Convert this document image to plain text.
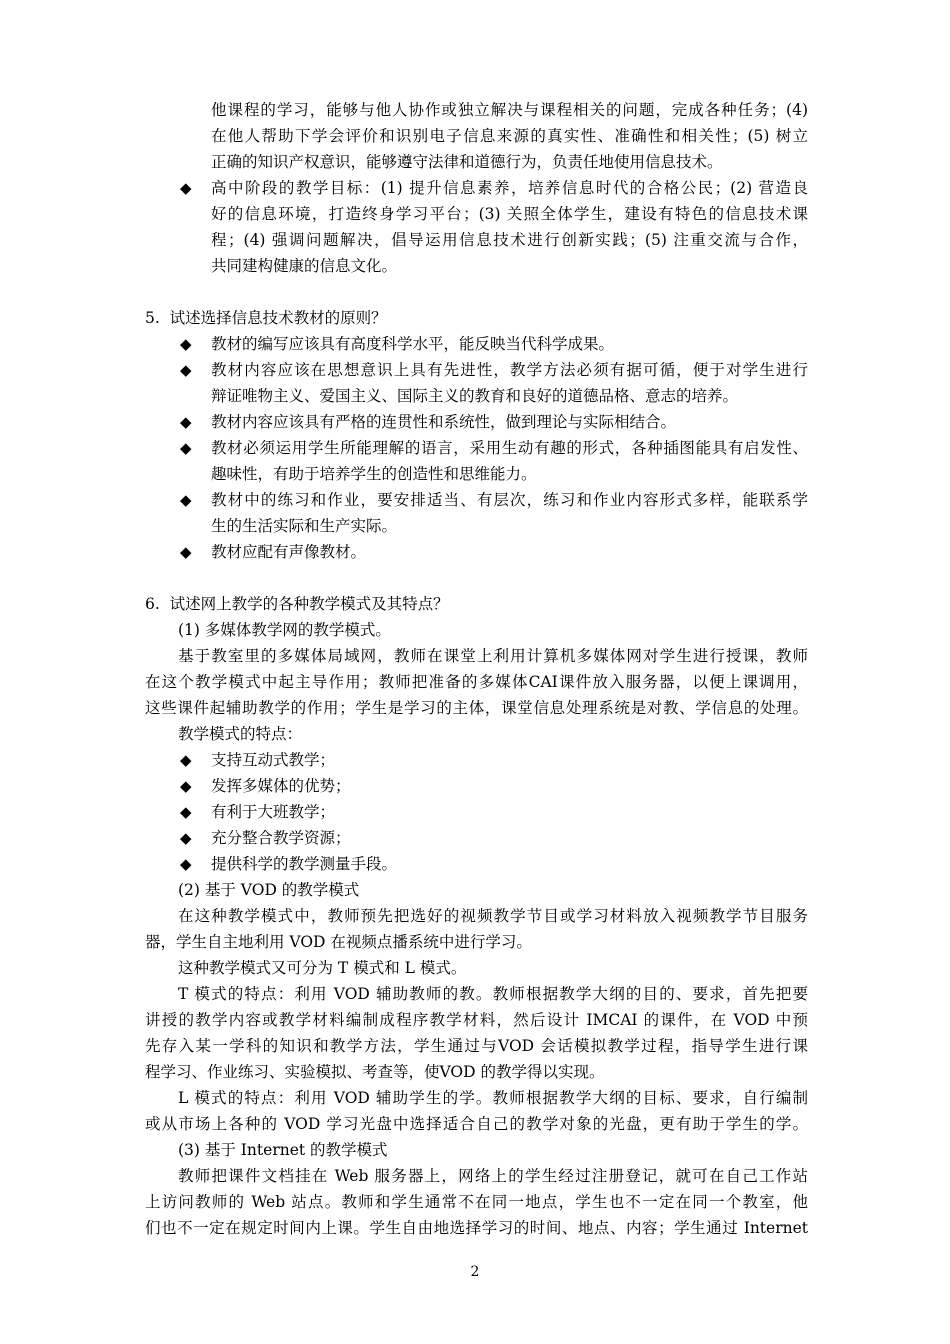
他课程的学习，能够与他人协作或独立解决与课程相关的问题，完成各种任务；(4)
在他人帮助下学会评价和识别电子信息来源的真实性、准确性和相关性；(5) 树立
正确的知识产权意识，能够遵守法律和道德行为，负责任地使用信息技术。
◆ 高中阶段的教学目标：(1) 提升信息素养，培养信息时代的合格公民；(2) 营造良
好的信息环境，打造终身学习平台；(3) 关照全体学生，建设有特色的信息技术课
程；(4) 强调问题解决，倡导运用信息技术进行创新实践；(5) 注重交流与合作，
共同建构健康的信息文化。
5.  试述选择信息技术教材的原则？
◆ 教材的编写应该具有高度科学水平，能反映当代科学成果。
◆ 教材内容应该在思想意识上具有先进性，教学方法必须有据可循，便于对学生进行
辩证唯物主义、爱国主义、国际主义的教育和良好的道德品格、意志的培养。
◆ 教材内容应该具有严格的连贯性和系统性，做到理论与实际相结合。
◆ 教材必须运用学生所能理解的语言，采用生动有趣的形式，各种插图能具有启发性、
趣味性，有助于培养学生的创造性和思维能力。
◆ 教材中的练习和作业，要安排适当、有层次，练习和作业内容形式多样，能联系学
生的生活实际和生产实际。
◆ 教材应配有声像教材。
6.  试述网上教学的各种教学模式及其特点？
(1) 多媒体教学网的教学模式。
基于教室里的多媒体局域网，教师在课堂上利用计算机多媒体网对学生进行授课，教师
在这个教学模式中起主导作用；教师把准备的多媒体CAI课件放入服务器，以便上课调用，
这些课件起辅助教学的作用；学生是学习的主体，课堂信息处理系统是对教、学信息的处理。
教学模式的特点：
◆ 支持互动式教学；
◆ 发挥多媒体的优势；
◆ 有利于大班教学；
◆ 充分整合教学资源；
◆ 提供科学的教学测量手段。
(2) 基于 VOD 的教学模式
在这种教学模式中，教师预先把选好的视频教学节目或学习材料放入视频教学节目服务
器，学生自主地利用 VOD 在视频点播系统中进行学习。
这种教学模式又可分为 T 模式和 L 模式。
T 模式的特点：利用 VOD 辅助教师的教。教师根据教学大纲的目的、要求，首先把要
讲授的教学内容或教学材料编制成程序教学材料，然后设计 IMCAI 的课件，在 VOD 中预
先存入某一学科的知识和教学方法，学生通过与VOD 会话模拟教学过程，指导学生进行课
程学习、作业练习、实验模拟、考查等，使VOD 的教学得以实现。
L 模式的特点：利用 VOD 辅助学生的学。教师根据教学大纲的目标、要求，自行编制
或从市场上各种的 VOD 学习光盘中选择适合自己的教学对象的光盘，更有助于学生的学。
(3) 基于 Internet 的教学模式
教师把课件文档挂在 Web 服务器上，网络上的学生经过注册登记，就可在自己工作站
上访问教师的 Web 站点。教师和学生通常不在同一地点，学生也不一定在同一个教室，他
们也不一定在规定时间内上课。学生自由地选择学习的时间、地点、内容；学生通过 Internet
2
